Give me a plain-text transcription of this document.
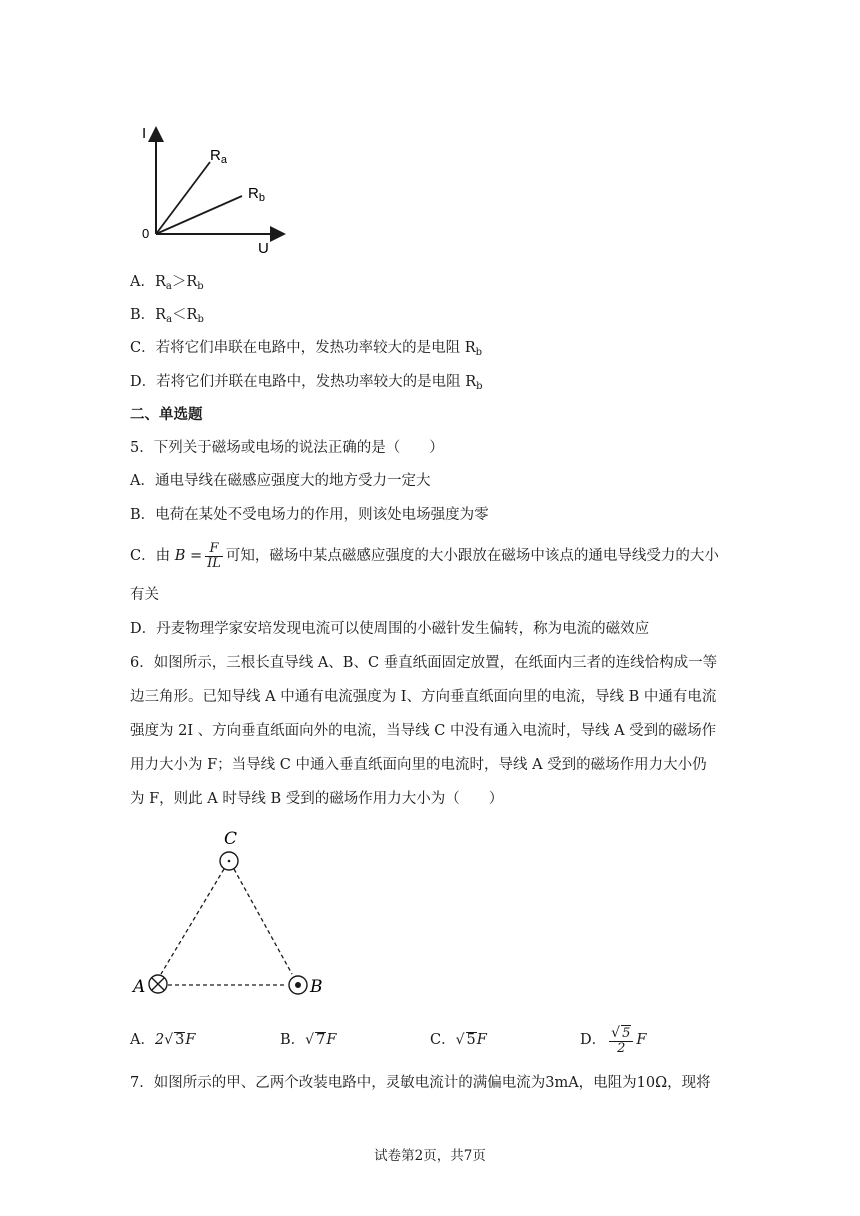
I
U
0
$R_a$
$R_b$
A．$R_a>R_b$
B．$R_a<R_b$
C．若将它们串联在电路中，发热功率较大的是电阻 $R_b$
D．若将它们并联在电路中，发热功率较大的是电阻 $R_b$
二、单选题
5．下列关于磁场或电场的说法正确的是（　　）
A．通电导线在磁感应强度大的地方受力一定大
B．电荷在某处不受电场力的作用，则该处电场强度为零
C．由 $B = \frac{F}{IL}$ 可知，磁场中某点磁感应强度的大小跟放在磁场中该点的通电导线受力的大小
有关
D．丹麦物理学家安培发现电流可以使周围的小磁针发生偏转，称为电流的磁效应
6．如图所示，三根长直导线 A、B、C 垂直纸面固定放置，在纸面内三者的连线恰构成一等
边三角形。已知导线 A 中通有电流强度为 I、方向垂直纸面向里的电流，导线 B 中通有电流
强度为 2I 、方向垂直纸面向外的电流，当导线 C 中没有通入电流时，导线 A 受到的磁场作
用力大小为 F；当导线 C 中通入垂直纸面向里的电流时，导线 A 受到的磁场作用力大小仍
为 F，则此 A 时导线 B 受到的磁场作用力大小为（　　）
C
A	B
A．2√ 3F	B．√ 7F	C．√ 5F	D． $\frac{√ 5}{2}$ F
7．如图所示的甲、乙两个改装电路中，灵敏电流计的满偏电流为3mA，电阻为10Ω，现将
试卷第2页，共7页
